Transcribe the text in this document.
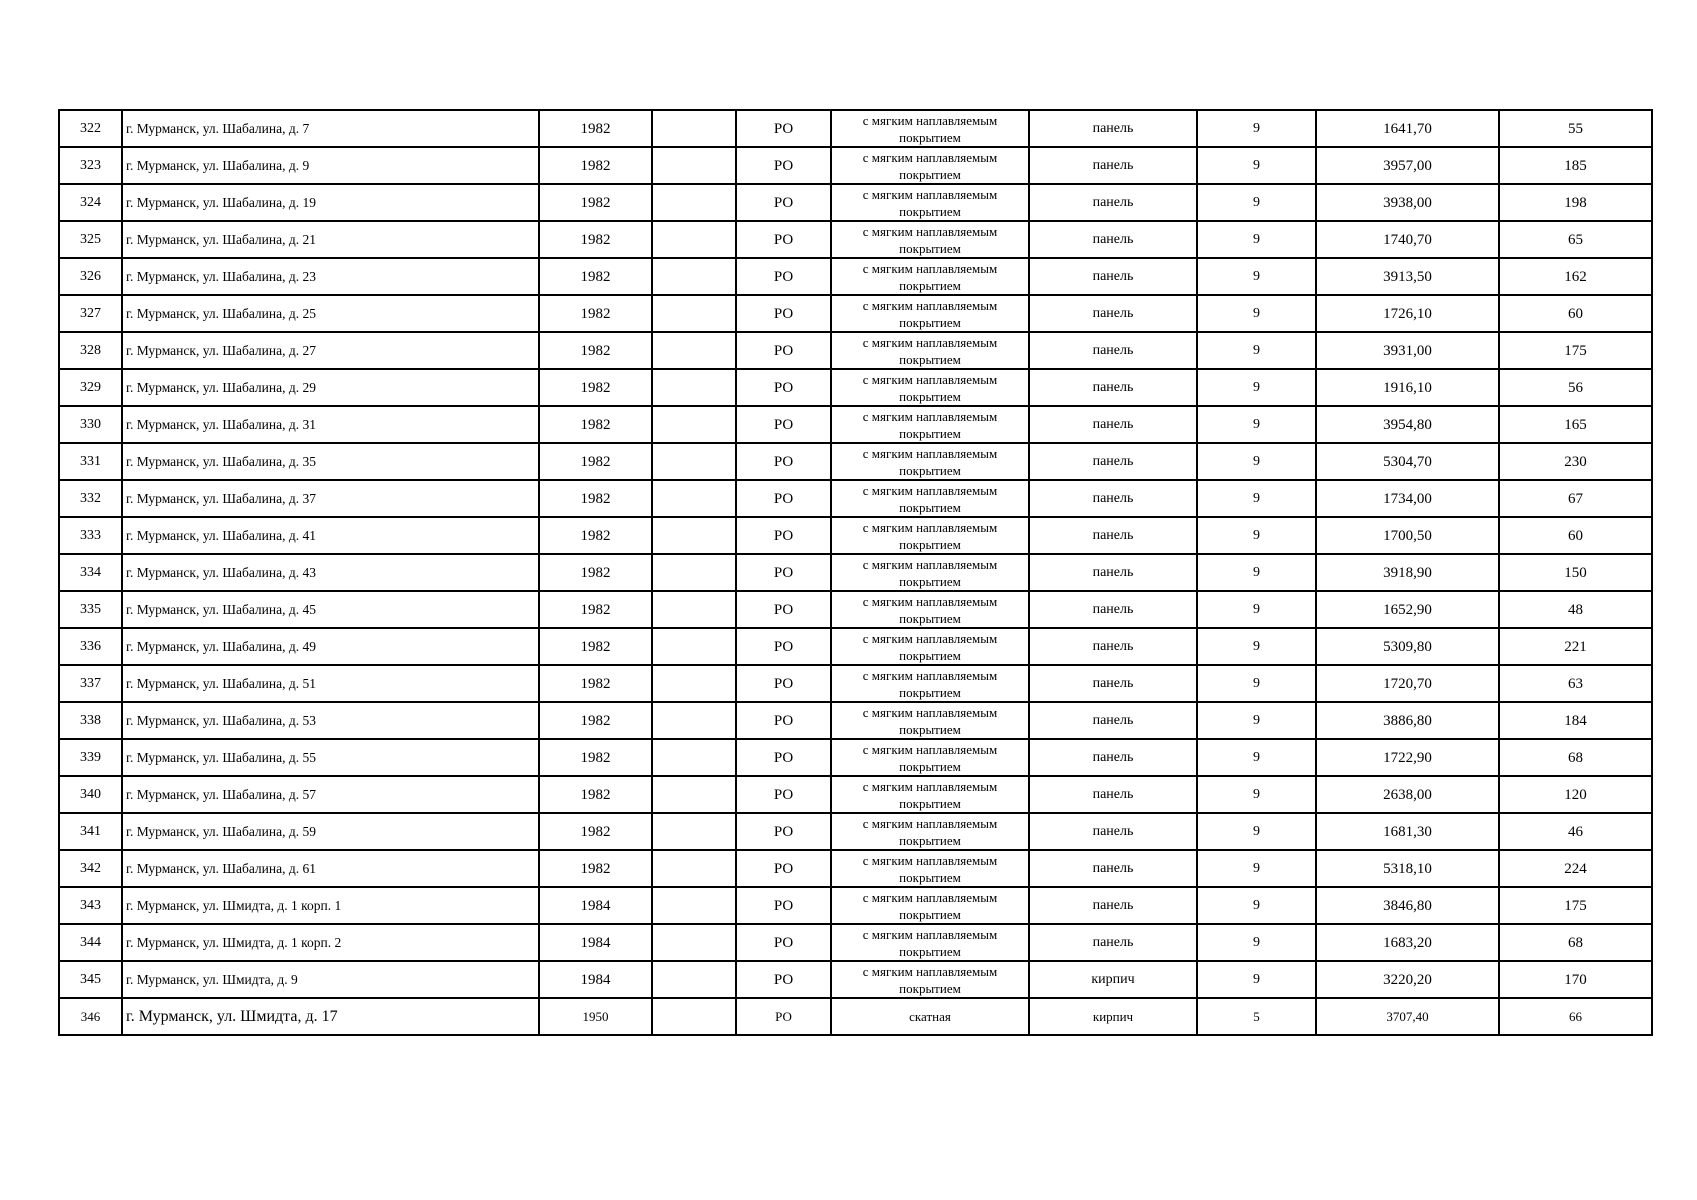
322	г. Мурманск, ул. Шабалина, д. 7	1982		РО	с мягким наплавляемым покрытием	панель	9	1641,70	55
323	г. Мурманск, ул. Шабалина, д. 9	1982		РО	с мягким наплавляемым покрытием	панель	9	3957,00	185
324	г. Мурманск, ул. Шабалина, д. 19	1982		РО	с мягким наплавляемым покрытием	панель	9	3938,00	198
325	г. Мурманск, ул. Шабалина, д. 21	1982		РО	с мягким наплавляемым покрытием	панель	9	1740,70	65
326	г. Мурманск, ул. Шабалина, д. 23	1982		РО	с мягким наплавляемым покрытием	панель	9	3913,50	162
327	г. Мурманск, ул. Шабалина, д. 25	1982		РО	с мягким наплавляемым покрытием	панель	9	1726,10	60
328	г. Мурманск, ул. Шабалина, д. 27	1982		РО	с мягким наплавляемым покрытием	панель	9	3931,00	175
329	г. Мурманск, ул. Шабалина, д. 29	1982		РО	с мягким наплавляемым покрытием	панель	9	1916,10	56
330	г. Мурманск, ул. Шабалина, д. 31	1982		РО	с мягким наплавляемым покрытием	панель	9	3954,80	165
331	г. Мурманск, ул. Шабалина, д. 35	1982		РО	с мягким наплавляемым покрытием	панель	9	5304,70	230
332	г. Мурманск, ул. Шабалина, д. 37	1982		РО	с мягким наплавляемым покрытием	панель	9	1734,00	67
333	г. Мурманск, ул. Шабалина, д. 41	1982		РО	с мягким наплавляемым покрытием	панель	9	1700,50	60
334	г. Мурманск, ул. Шабалина, д. 43	1982		РО	с мягким наплавляемым покрытием	панель	9	3918,90	150
335	г. Мурманск, ул. Шабалина, д. 45	1982		РО	с мягким наплавляемым покрытием	панель	9	1652,90	48
336	г. Мурманск, ул. Шабалина, д. 49	1982		РО	с мягким наплавляемым покрытием	панель	9	5309,80	221
337	г. Мурманск, ул. Шабалина, д. 51	1982		РО	с мягким наплавляемым покрытием	панель	9	1720,70	63
338	г. Мурманск, ул. Шабалина, д. 53	1982		РО	с мягким наплавляемым покрытием	панель	9	3886,80	184
339	г. Мурманск, ул. Шабалина, д. 55	1982		РО	с мягким наплавляемым покрытием	панель	9	1722,90	68
340	г. Мурманск, ул. Шабалина, д. 57	1982		РО	с мягким наплавляемым покрытием	панель	9	2638,00	120
341	г. Мурманск, ул. Шабалина, д. 59	1982		РО	с мягким наплавляемым покрытием	панель	9	1681,30	46
342	г. Мурманск, ул. Шабалина, д. 61	1982		РО	с мягким наплавляемым покрытием	панель	9	5318,10	224
343	г. Мурманск, ул. Шмидта, д. 1 корп. 1	1984		РО	с мягким наплавляемым покрытием	панель	9	3846,80	175
344	г. Мурманск, ул. Шмидта, д. 1 корп. 2	1984		РО	с мягким наплавляемым покрытием	панель	9	1683,20	68
345	г. Мурманск, ул. Шмидта, д. 9	1984		РО	с мягким наплавляемым покрытием	кирпич	9	3220,20	170
346	г. Мурманск, ул. Шмидта, д. 17	1950		РО	скатная	кирпич	5	3707,40	66
